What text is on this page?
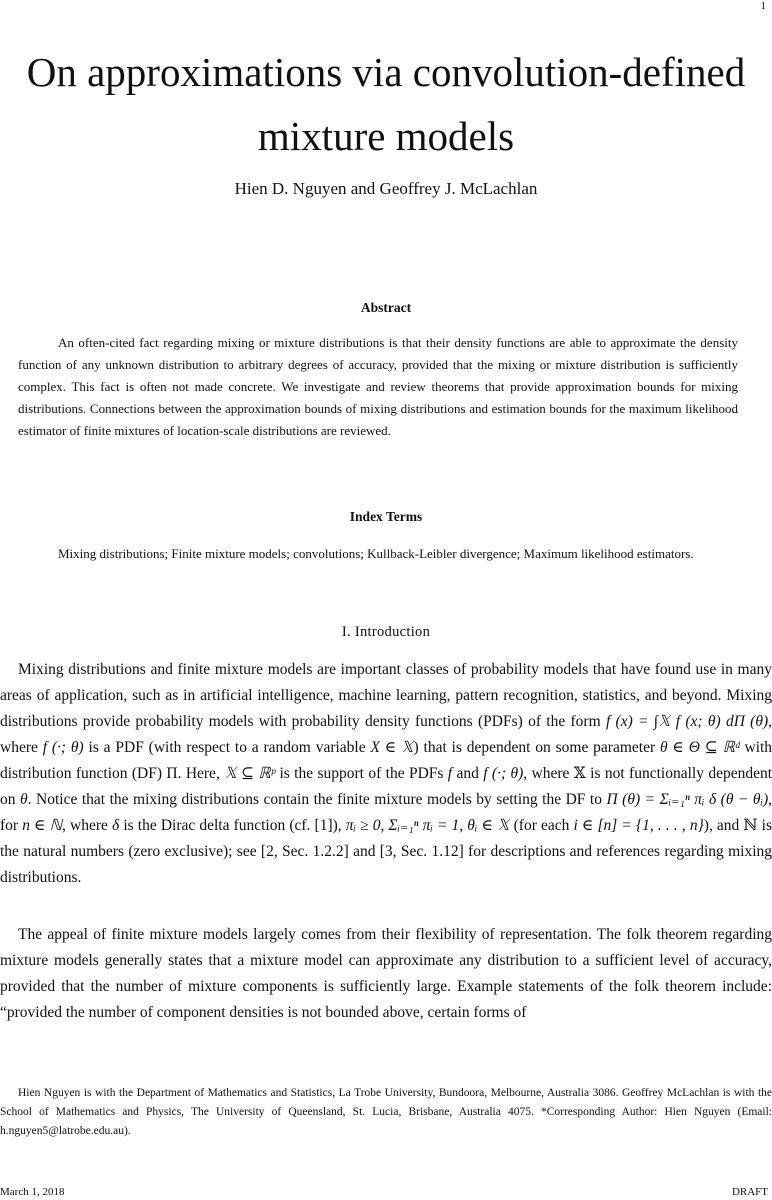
1
On approximations via convolution-defined mixture models

Hien D. Nguyen and Geoffrey J. McLachlan

Abstract

An often-cited fact regarding mixing or mixture distributions is that their density functions are able to approximate the density function of any unknown distribution to arbitrary degrees of accuracy, provided that the mixing or mixture distribution is sufficiently complex. This fact is often not made concrete. We investigate and review theorems that provide approximation bounds for mixing distributions. Connections between the approximation bounds of mixing distributions and estimation bounds for the maximum likelihood estimator of finite mixtures of location-scale distributions are reviewed.

Index Terms

Mixing distributions; Finite mixture models; convolutions; Kullback-Leibler divergence; Maximum likelihood estimators.

I. Introduction

Mixing distributions and finite mixture models are important classes of probability models that have found use in many areas of application, such as in artificial intelligence, machine learning, pattern recognition, statistics, and beyond. Mixing distributions provide probability models with probability density functions (PDFs) of the form f (x) = ∫𝕏 f (x; θ) dΠ (θ), where f (·; θ) is a PDF (with respect to a random variable X ∈ 𝕏) that is dependent on some parameter θ ∈ Θ ⊆ ℝᵈ with distribution function (DF) Π. Here, 𝕏 ⊆ ℝᵖ is the support of the PDFs f and f (·; θ), where 𝕏 is not functionally dependent on θ. Notice that the mixing distributions contain the finite mixture models by setting the DF to Π (θ) = Σᵢ₌₁ⁿ πᵢ δ (θ − θᵢ), for n ∈ ℕ, where δ is the Dirac delta function (cf. [1]), πᵢ ≥ 0, Σᵢ₌₁ⁿ πᵢ = 1, θᵢ ∈ 𝕏 (for each i ∈ [n] = {1, . . . , n}), and ℕ is the natural numbers (zero exclusive); see [2, Sec. 1.2.2] and [3, Sec. 1.12] for descriptions and references regarding mixing distributions.

The appeal of finite mixture models largely comes from their flexibility of representation. The folk theorem regarding mixture models generally states that a mixture model can approximate any distribution to a sufficient level of accuracy, provided that the number of mixture components is sufficiently large. Example statements of the folk theorem include: “provided the number of component densities is not bounded above, certain forms of

Hien Nguyen is with the Department of Mathematics and Statistics, La Trobe University, Bundoora, Melbourne, Australia 3086. Geoffrey McLachlan is with the School of Mathematics and Physics, The University of Queensland, St. Lucia, Brisbane, Australia 4075. *Corresponding Author: Hien Nguyen (Email: h.nguyen5@latrobe.edu.au).

March 1, 2018	DRAFT
